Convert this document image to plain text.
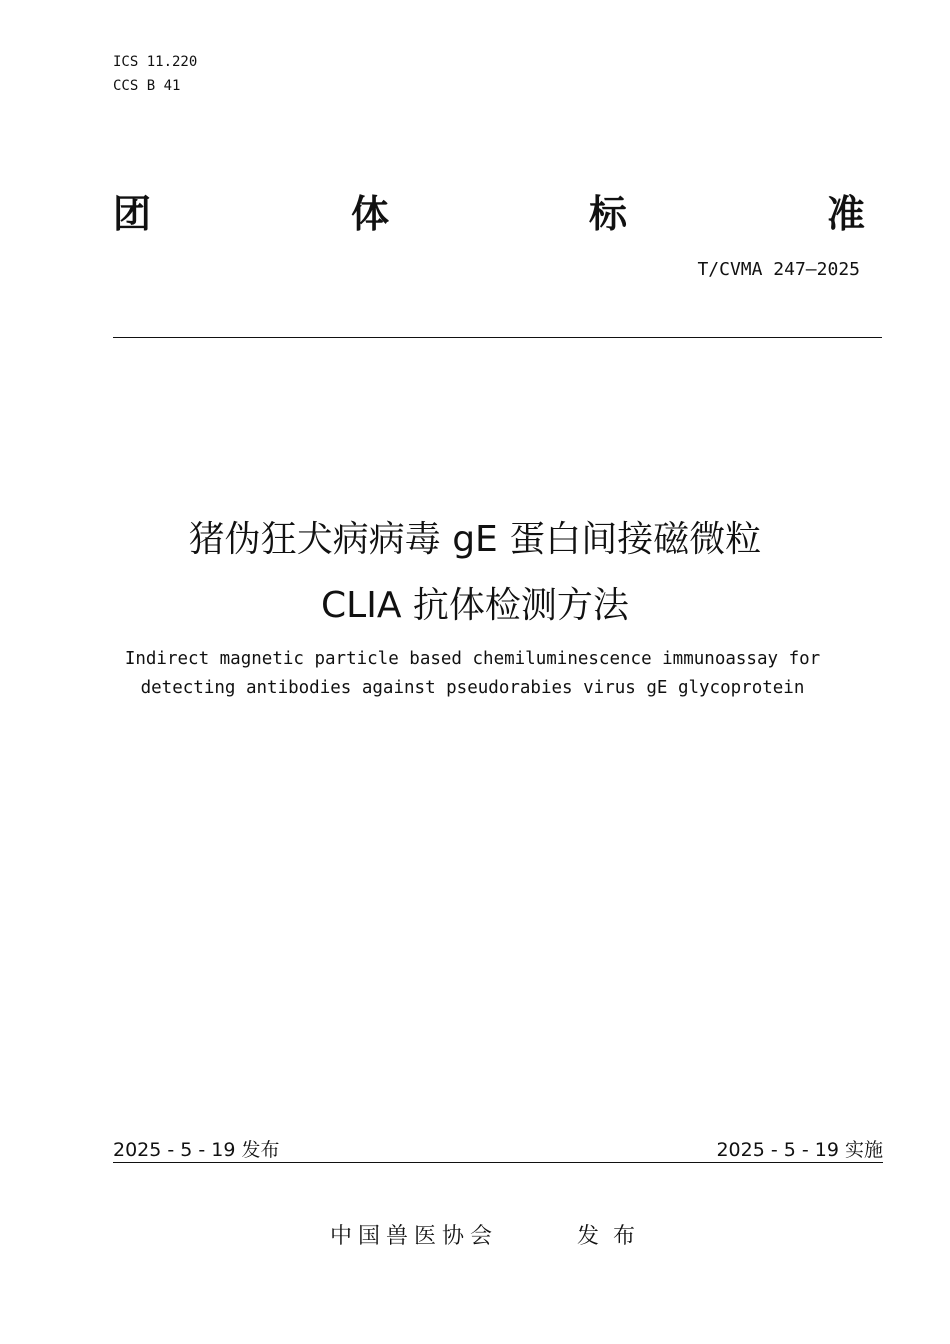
ICS 11.220
CCS B 41
团	体	标	准
T/CVMA 247—2025
猪伪狂犬病病毒 gE 蛋白间接磁微粒
CLIA 抗体检测方法
Indirect magnetic particle based chemiluminescence immunoassay for
detecting antibodies against pseudorabies virus gE glycoprotein
2025 - 5 - 19 发布	2025 - 5 - 19 实施
中国兽医协会	发布
